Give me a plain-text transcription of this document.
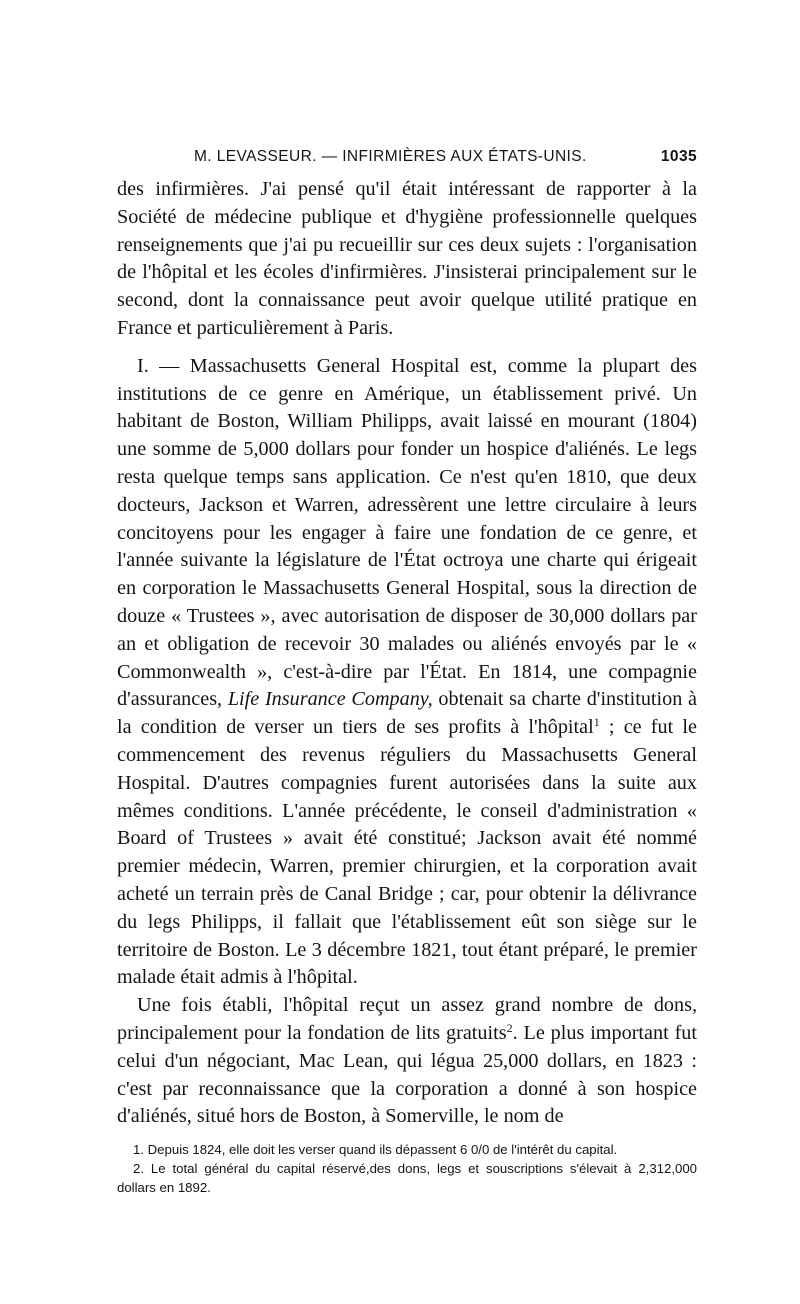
M. LEVASSEUR. — INFIRMIÈRES AUX ÉTATS-UNIS.	1035

des infirmières. J'ai pensé qu'il était intéressant de rapporter à la Société de médecine publique et d'hygiène professionnelle quelques renseignements que j'ai pu recueillir sur ces deux sujets : l'organisation de l'hôpital et les écoles d'infirmières. J'insisterai principalement sur le second, dont la connaissance peut avoir quelque utilité pratique en France et particulièrement à Paris.

I. — Massachusetts General Hospital est, comme la plupart des institutions de ce genre en Amérique, un établissement privé. Un habitant de Boston, William Philipps, avait laissé en mourant (1804) une somme de 5,000 dollars pour fonder un hospice d'aliénés. Le legs resta quelque temps sans application. Ce n'est qu'en 1810, que deux docteurs, Jackson et Warren, adressèrent une lettre circulaire à leurs concitoyens pour les engager à faire une fondation de ce genre, et l'année suivante la législature de l'État octroya une charte qui érigeait en corporation le Massachusetts General Hospital, sous la direction de douze « Trustees », avec autorisation de disposer de 30,000 dollars par an et obligation de recevoir 30 malades ou aliénés envoyés par le « Commonwealth », c'est-à-dire par l'État. En 1814, une compagnie d'assurances, Life Insurance Company, obtenait sa charte d'institution à la condition de verser un tiers de ses profits à l'hôpital$^1$ ; ce fut le commencement des revenus réguliers du Massachusetts General Hospital. D'autres compagnies furent autorisées dans la suite aux mêmes conditions. L'année précédente, le conseil d'administration « Board of Trustees » avait été constitué; Jackson avait été nommé premier médecin, Warren, premier chirurgien, et la corporation avait acheté un terrain près de Canal Bridge ; car, pour obtenir la délivrance du legs Philipps, il fallait que l'établissement eût son siège sur le territoire de Boston. Le 3 décembre 1821, tout étant préparé, le premier malade était admis à l'hôpital.

Une fois établi, l'hôpital reçut un assez grand nombre de dons, principalement pour la fondation de lits gratuits$^2$. Le plus important fut celui d'un négociant, Mac Lean, qui légua 25,000 dollars, en 1823 : c'est par reconnaissance que la corporation a donné à son hospice d'aliénés, situé hors de Boston, à Somerville, le nom de

1. Depuis 1824, elle doit les verser quand ils dépassent 6 0/0 de l'intérêt du capital.

2. Le total général du capital réservé,des dons, legs et souscriptions s'élevait à 2,312,000 dollars en 1892.
